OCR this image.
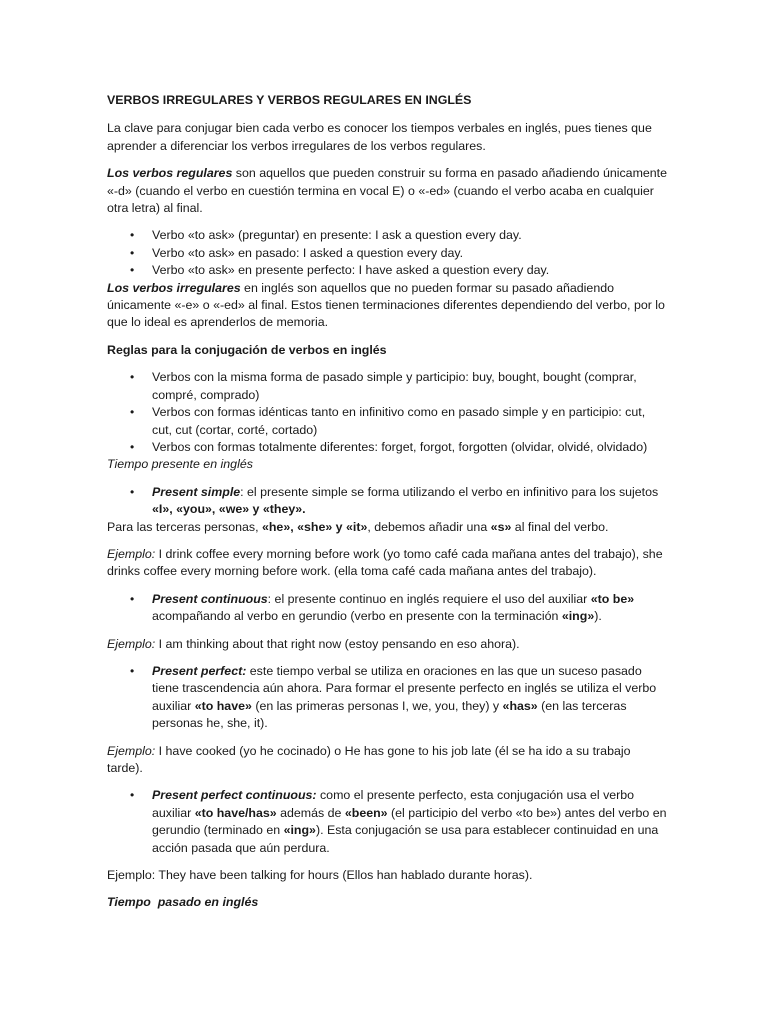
VERBOS IRREGULARES Y VERBOS REGULARES EN INGLÉS

La clave para conjugar bien cada verbo es conocer los tiempos verbales en inglés, pues tienes que aprender a diferenciar los verbos irregulares de los verbos regulares.

Los verbos regulares son aquellos que pueden construir su forma en pasado añadiendo únicamente «-d» (cuando el verbo en cuestión termina en vocal E) o «-ed» (cuando el verbo acaba en cualquier otra letra) al final.

• Verbo «to ask» (preguntar) en presente: I ask a question every day.
• Verbo «to ask» en pasado: I asked a question every day.
• Verbo «to ask» en presente perfecto: I have asked a question every day.

Los verbos irregulares en inglés son aquellos que no pueden formar su pasado añadiendo únicamente «-e» o «-ed» al final. Estos tienen terminaciones diferentes dependiendo del verbo, por lo que lo ideal es aprenderlos de memoria.

Reglas para la conjugación de verbos en inglés

• Verbos con la misma forma de pasado simple y participio: buy, bought, bought (comprar, compré, comprado)
• Verbos con formas idénticas tanto en infinitivo como en pasado simple y en participio: cut, cut, cut (cortar, corté, cortado)
• Verbos con formas totalmente diferentes: forget, forgot, forgotten (olvidar, olvidé, olvidado)

Tiempo presente en inglés

• Present simple: el presente simple se forma utilizando el verbo en infinitivo para los sujetos «I», «you», «we» y «they».

Para las terceras personas, «he», «she» y «it», debemos añadir una «s» al final del verbo.

Ejemplo: I drink coffee every morning before work (yo tomo café cada mañana antes del trabajo), she drinks coffee every morning before work. (ella toma café cada mañana antes del trabajo).

• Present continuous: el presente continuo en inglés requiere el uso del auxiliar «to be» acompañando al verbo en gerundio (verbo en presente con la terminación «ing»).

Ejemplo: I am thinking about that right now (estoy pensando en eso ahora).

• Present perfect: este tiempo verbal se utiliza en oraciones en las que un suceso pasado tiene trascendencia aún ahora. Para formar el presente perfecto en inglés se utiliza el verbo auxiliar «to have» (en las primeras personas I, we, you, they) y «has» (en las terceras personas he, she, it).

Ejemplo: I have cooked (yo he cocinado) o He has gone to his job late (él se ha ido a su trabajo tarde).

• Present perfect continuous: como el presente perfecto, esta conjugación usa el verbo auxiliar «to have/has» además de «been» (el participio del verbo «to be») antes del verbo en gerundio (terminado en «ing»). Esta conjugación se usa para establecer continuidad en una acción pasada que aún perdura.

Ejemplo: They have been talking for hours (Ellos han hablado durante horas).

Tiempo  pasado en inglés
